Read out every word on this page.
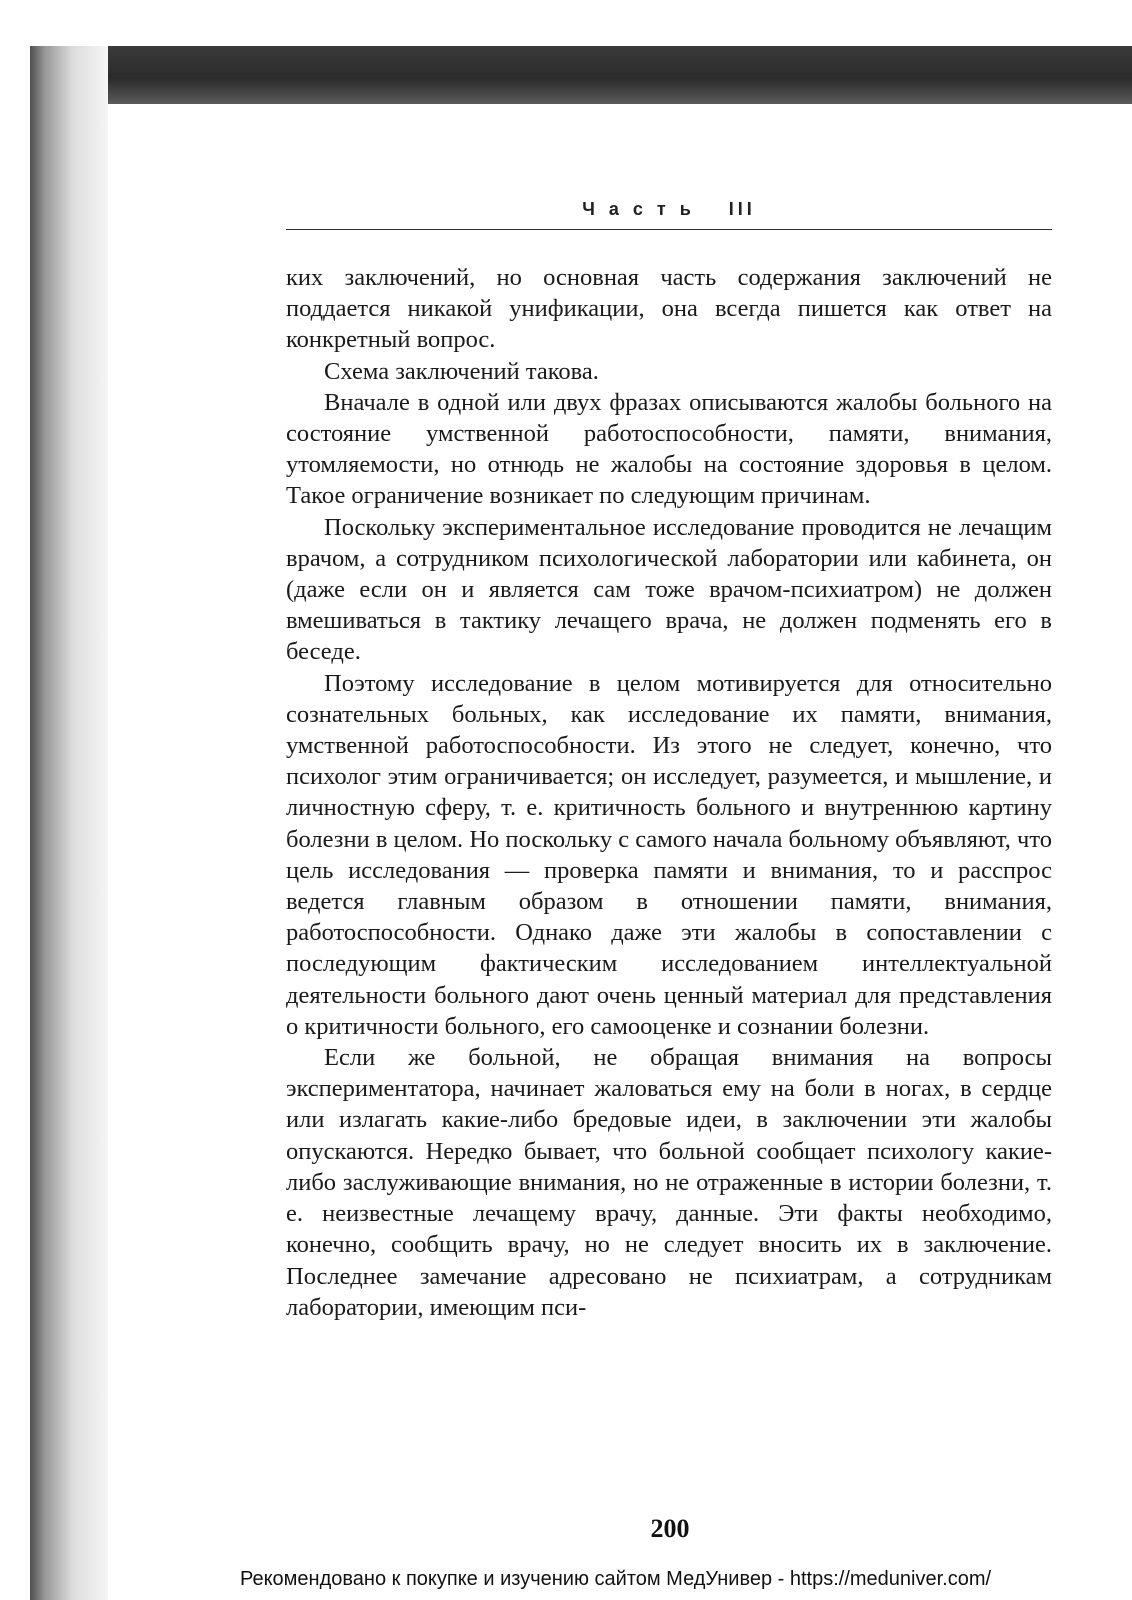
Часть III

ких заключений, но основная часть содержания заключений не поддается никакой унификации, она всегда пишется как ответ на конкретный вопрос.

Схема заключений такова.

Вначале в одной или двух фразах описываются жалобы больного на состояние умственной работоспособности, памяти, внимания, утомляемости, но отнюдь не жалобы на состояние здоровья в целом. Такое ограничение возникает по следующим причинам.

Поскольку экспериментальное исследование проводится не лечащим врачом, а сотрудником психологической лаборатории или кабинета, он (даже если он и является сам тоже врачом-психиатром) не должен вмешиваться в тактику лечащего врача, не должен подменять его в беседе.

Поэтому исследование в целом мотивируется для относительно сознательных больных, как исследование их памяти, внимания, умственной работоспособности. Из этого не следует, конечно, что психолог этим ограничивается; он исследует, разумеется, и мышление, и личностную сферу, т. е. критичность больного и внутреннюю картину болезни в целом. Но поскольку с самого начала больному объявляют, что цель исследования — проверка памяти и внимания, то и расспрос ведется главным образом в отношении памяти, внимания, работоспособности. Однако даже эти жалобы в сопоставлении с последующим фактическим исследованием интеллектуальной деятельности больного дают очень ценный материал для представления о критичности больного, его самооценке и сознании болезни.

Если же больной, не обращая внимания на вопросы экспериментатора, начинает жаловаться ему на боли в ногах, в сердце или излагать какие-либо бредовые идеи, в заключении эти жалобы опускаются. Нередко бывает, что больной сообщает психологу какие-либо заслуживающие внимания, но не отраженные в истории болезни, т. е. неизвестные лечащему врачу, данные. Эти факты необходимо, конечно, сообщить врачу, но не следует вносить их в заключение. Последнее замечание адресовано не психиатрам, а сотрудникам лаборатории, имеющим пси-

200
Рекомендовано к покупке и изучению сайтом МедУнивер - https://meduniver.com/
